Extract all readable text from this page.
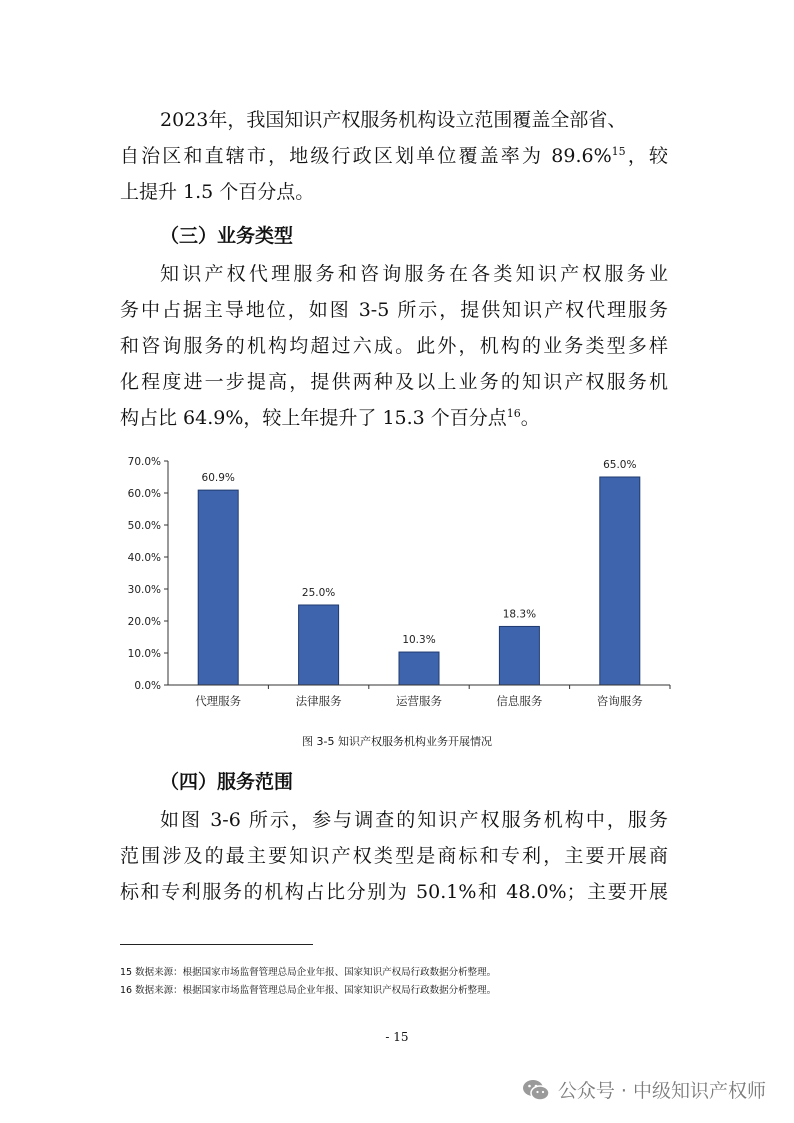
2023年，我国知识产权服务机构设立范围覆盖全部省、
自治区和直辖市，地级行政区划单位覆盖率为 89.6%$^{15}$，较
上提升 1.5 个百分点。
（三）业务类型
知识产权代理服务和咨询服务在各类知识产权服务业
务中占据主导地位，如图 3-5 所示，提供知识产权代理服务
和咨询服务的机构均超过六成。此外，机构的业务类型多样
化程度进一步提高，提供两种及以上业务的知识产权服务机
构占比 64.9%，较上年提升了 15.3 个百分点$^{16}$。
0.0%
10.0%
20.0%
30.0%
40.0%
50.0%
60.0%
70.0%
60.9%
25.0%
10.3%
18.3%
65.0%
代理服务	法律服务	运营服务	信息服务	咨询服务
图 3-5 知识产权服务机构业务开展情况
（四）服务范围
如图 3-6 所示，参与调查的知识产权服务机构中，服务
范围涉及的最主要知识产权类型是商标和专利，主要开展商
标和专利服务的机构占比分别为 50.1%和 48.0%；主要开展
15 数据来源：根据国家市场监督管理总局企业年报、国家知识产权局行政数据分析整理。
16 数据来源：根据国家市场监督管理总局企业年报、国家知识产权局行政数据分析整理。
- 15
公众号 · 中级知识产权师
